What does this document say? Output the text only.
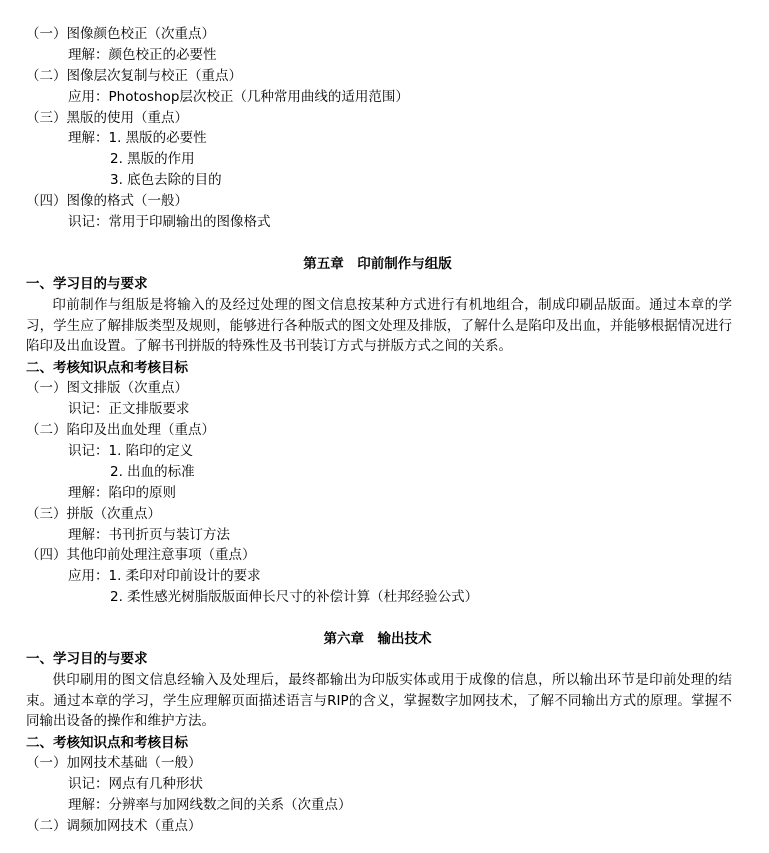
（一）图像颜色校正（次重点）
理解：颜色校正的必要性
（二）图像层次复制与校正（重点）
应用：Photoshop层次校正（几种常用曲线的适用范围）
（三）黑版的使用（重点）
理解：1. 黑版的必要性
2. 黑版的作用
3. 底色去除的目的
（四）图像的格式（一般）
识记：常用于印刷输出的图像格式
第五章　印前制作与组版
一、学习目的与要求
印前制作与组版是将输入的及经过处理的图文信息按某种方式进行有机地组合，制成印刷品版面。通过本章的学习，学生应了解排版类型及规则，能够进行各种版式的图文处理及排版，了解什么是陷印及出血，并能够根据情况进行陷印及出血设置。了解书刊拼版的特殊性及书刊装订方式与拼版方式之间的关系。
二、考核知识点和考核目标
（一）图文排版（次重点）
识记：正文排版要求
（二）陷印及出血处理（重点）
识记：1. 陷印的定义
2. 出血的标准
理解：陷印的原则
（三）拼版（次重点）
理解：书刊折页与装订方法
（四）其他印前处理注意事项（重点）
应用：1. 柔印对印前设计的要求
2. 柔性感光树脂版版面伸长尺寸的补偿计算（杜邦经验公式）
第六章　输出技术
一、学习目的与要求
供印刷用的图文信息经输入及处理后，最终都输出为印版实体或用于成像的信息，所以输出环节是印前处理的结束。通过本章的学习，学生应理解页面描述语言与RIP的含义，掌握数字加网技术，了解不同输出方式的原理。掌握不同输出设备的操作和维护方法。
二、考核知识点和考核目标
（一）加网技术基础（一般）
识记：网点有几种形状
理解：分辨率与加网线数之间的关系（次重点）
（二）调频加网技术（重点）
